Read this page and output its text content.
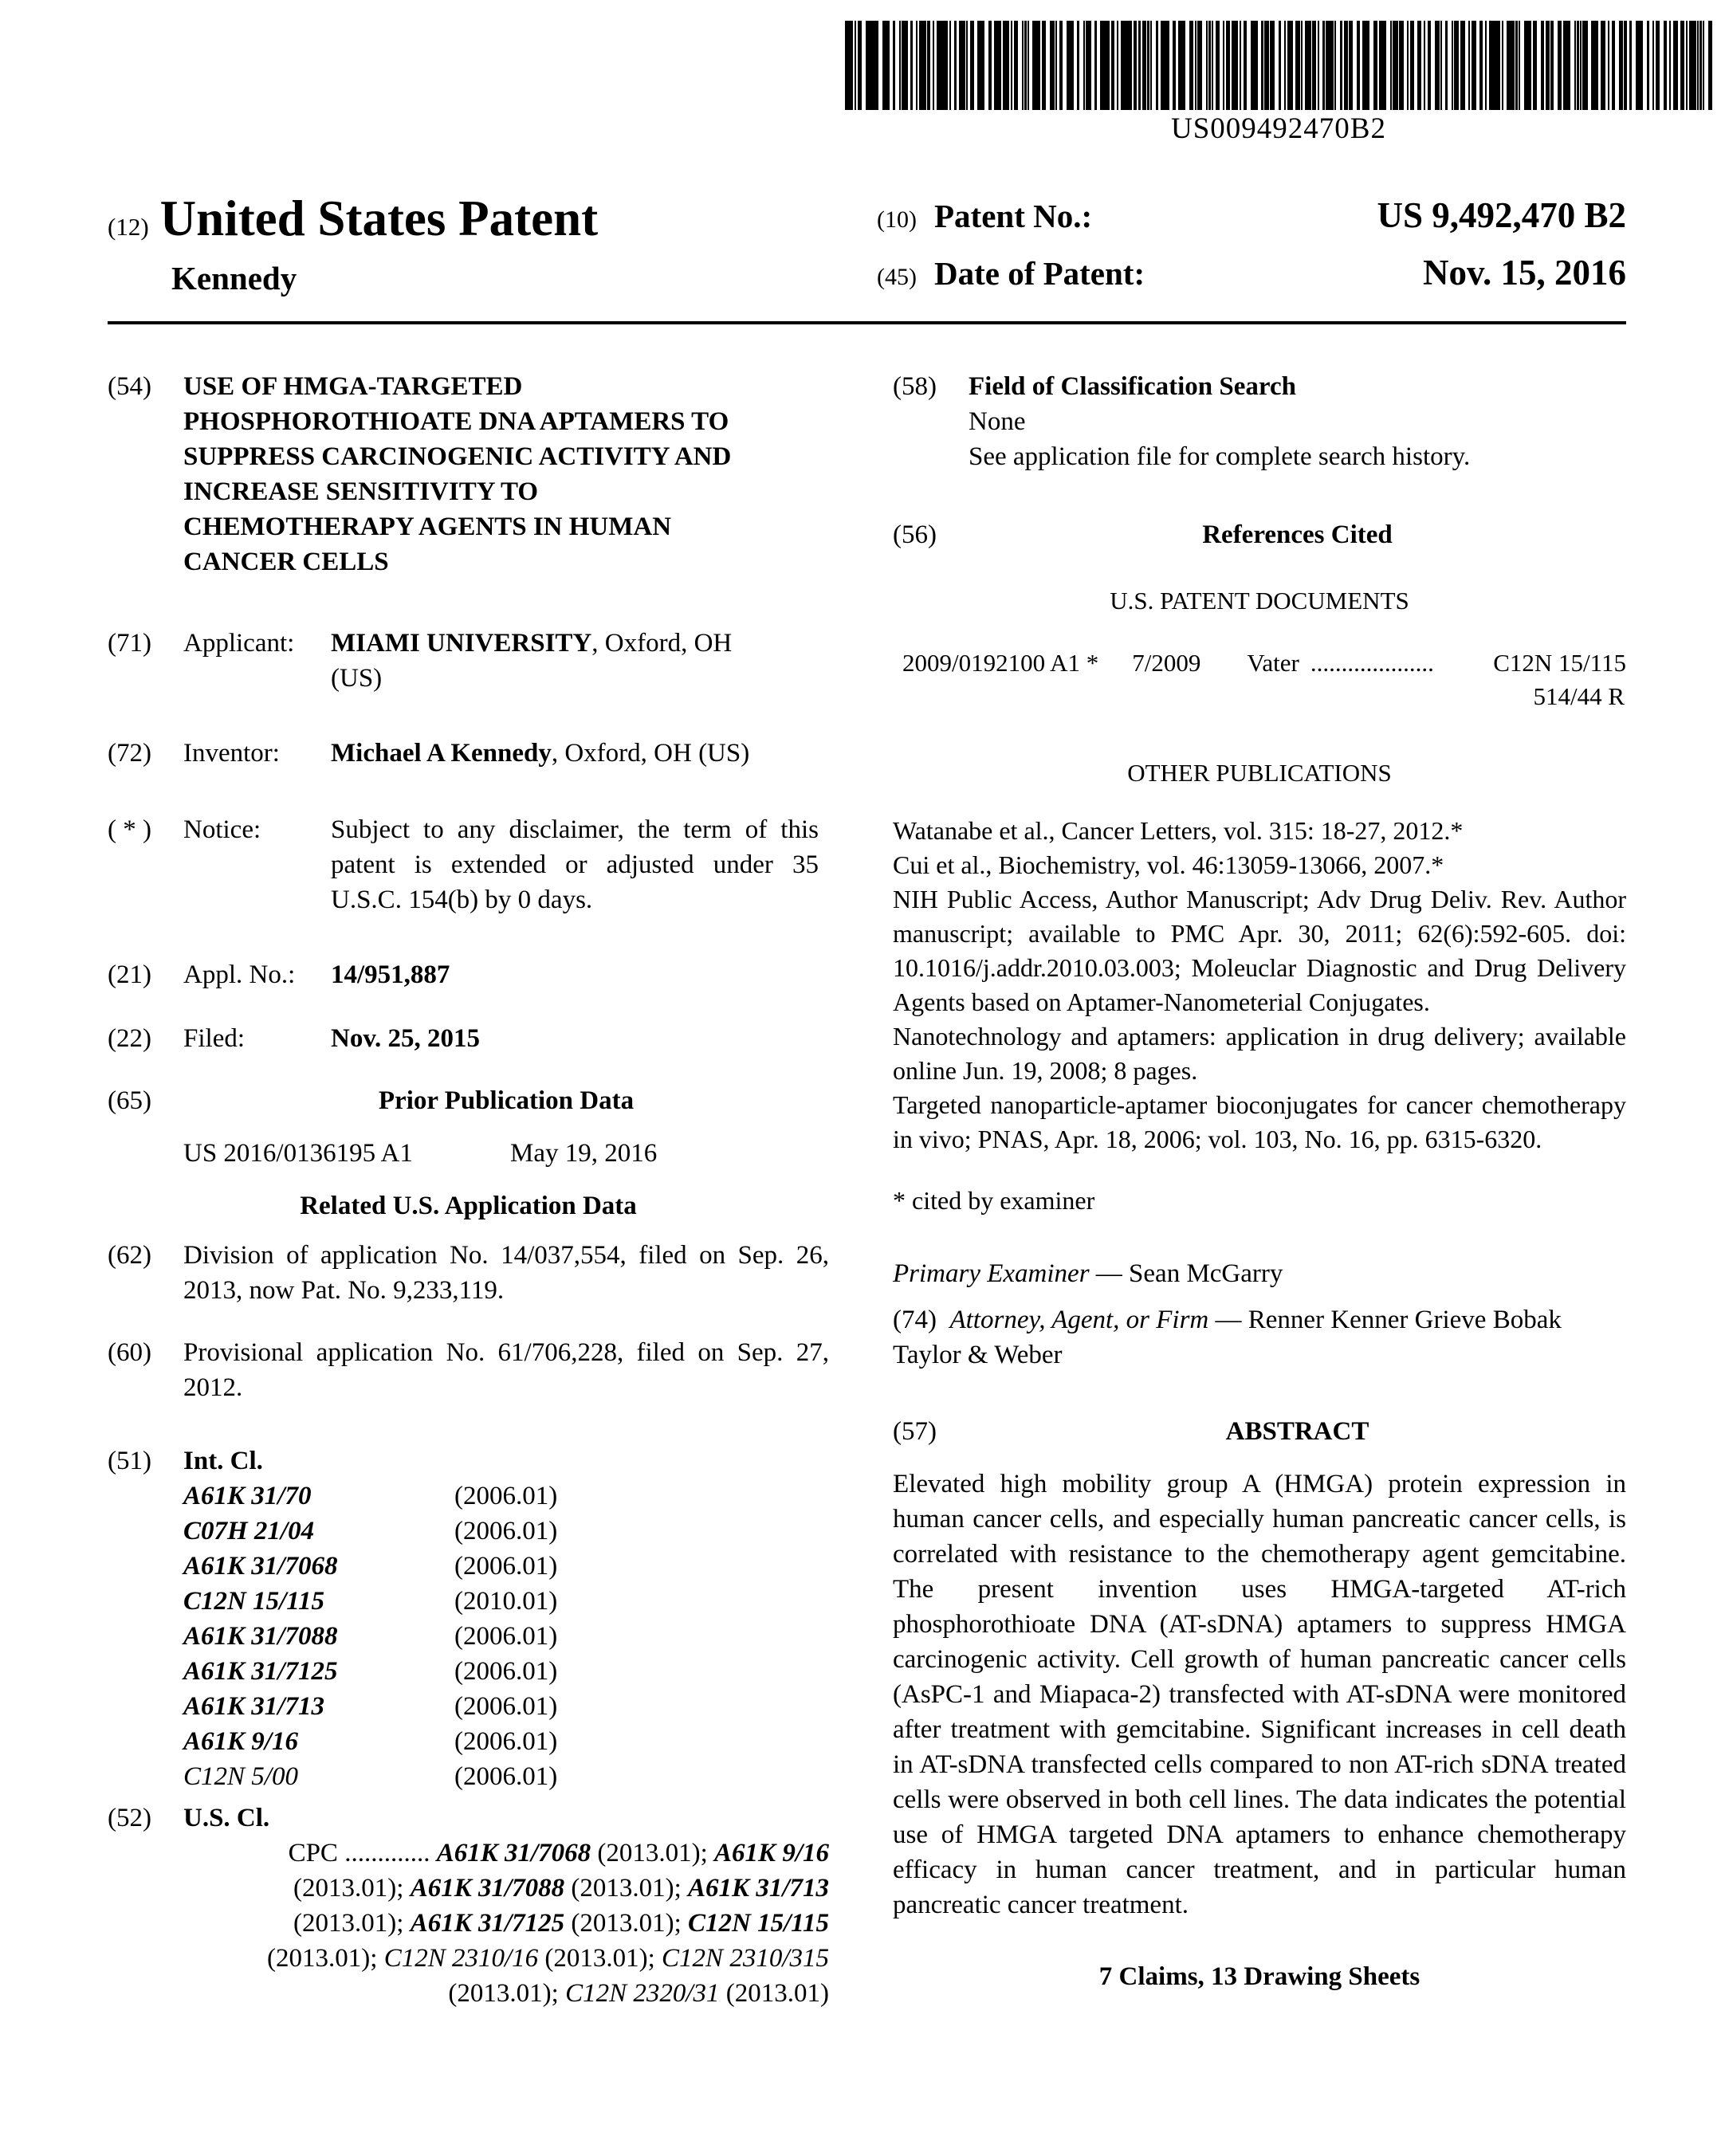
US009492470B2
(12) United States Patent
Kennedy
(10) Patent No.:	US 9,492,470 B2
(45) Date of Patent:	Nov. 15, 2016
(54)	USE OF HMGA-TARGETED
PHOSPHOROTHIOATE DNA APTAMERS TO
SUPPRESS CARCINOGENIC ACTIVITY AND
INCREASE SENSITIVITY TO
CHEMOTHERAPY AGENTS IN HUMAN
CANCER CELLS
(71)	Applicant:	MIAMI UNIVERSITY, Oxford, OH
(US)
(72)	Inventor:	Michael A Kennedy, Oxford, OH (US)
( * )	Notice:	Subject to any disclaimer, the term of this patent is extended or adjusted under 35 U.S.C. 154(b) by 0 days.
(21)	Appl. No.:	14/951,887
(22)	Filed:	Nov. 25, 2015
(65)	Prior Publication Data
US 2016/0136195 A1	May 19, 2016
Related U.S. Application Data
(62)	Division of application No. 14/037,554, filed on Sep. 26, 2013, now Pat. No. 9,233,119.
(60)	Provisional application No. 61/706,228, filed on Sep. 27, 2012.
(51)	Int. Cl.
A61K 31/70	(2006.01)
C07H 21/04	(2006.01)
A61K 31/7068	(2006.01)
C12N 15/115	(2010.01)
A61K 31/7088	(2006.01)
A61K 31/7125	(2006.01)
A61K 31/713	(2006.01)
A61K 9/16	(2006.01)
C12N 5/00	(2006.01)
(52)	U.S. Cl.
CPC ............. A61K 31/7068 (2013.01); A61K 9/16 (2013.01); A61K 31/7088 (2013.01); A61K 31/713 (2013.01); A61K 31/7125 (2013.01); C12N 15/115 (2013.01); C12N 2310/16 (2013.01); C12N 2310/315 (2013.01); C12N 2320/31 (2013.01)
(58)	Field of Classification Search
None
See application file for complete search history.
(56)	References Cited
U.S. PATENT DOCUMENTS
2009/0192100 A1 * 7/2009 Vater .................... C12N 15/115
514/44 R
OTHER PUBLICATIONS

Watanabe et al., Cancer Letters, vol. 315: 18-27, 2012.*

Cui et al., Biochemistry, vol. 46:13059-13066, 2007.*

NIH Public Access, Author Manuscript; Adv Drug Deliv. Rev. Author manuscript; available to PMC Apr. 30, 2011; 62(6):592-605. doi: 10.1016/j.addr.2010.03.003; Moleuclar Diagnostic and Drug Delivery Agents based on Aptamer-Nanometerial Conjugates.

Nanotechnology and aptamers: application in drug delivery; available online Jun. 19, 2008; 8 pages.

Targeted nanoparticle-aptamer bioconjugates for cancer chemotherapy in vivo; PNAS, Apr. 18, 2006; vol. 103, No. 16, pp. 6315-6320.

* cited by examiner

Primary Examiner — Sean McGarry

(74) Attorney, Agent, or Firm — Renner Kenner Grieve Bobak Taylor & Weber

(57)	ABSTRACT

Elevated high mobility group A (HMGA) protein expression in human cancer cells, and especially human pancreatic cancer cells, is correlated with resistance to the chemotherapy agent gemcitabine. The present invention uses HMGA-targeted AT-rich phosphorothioate DNA (AT-sDNA) aptamers to suppress HMGA carcinogenic activity. Cell growth of human pancreatic cancer cells (AsPC-1 and Miapaca-2) transfected with AT-sDNA were monitored after treatment with gemcitabine. Significant increases in cell death in AT-sDNA transfected cells compared to non AT-rich sDNA treated cells were observed in both cell lines. The data indicates the potential use of HMGA targeted DNA aptamers to enhance chemotherapy efficacy in human cancer treatment, and in particular human pancreatic cancer treatment.

7 Claims, 13 Drawing Sheets
